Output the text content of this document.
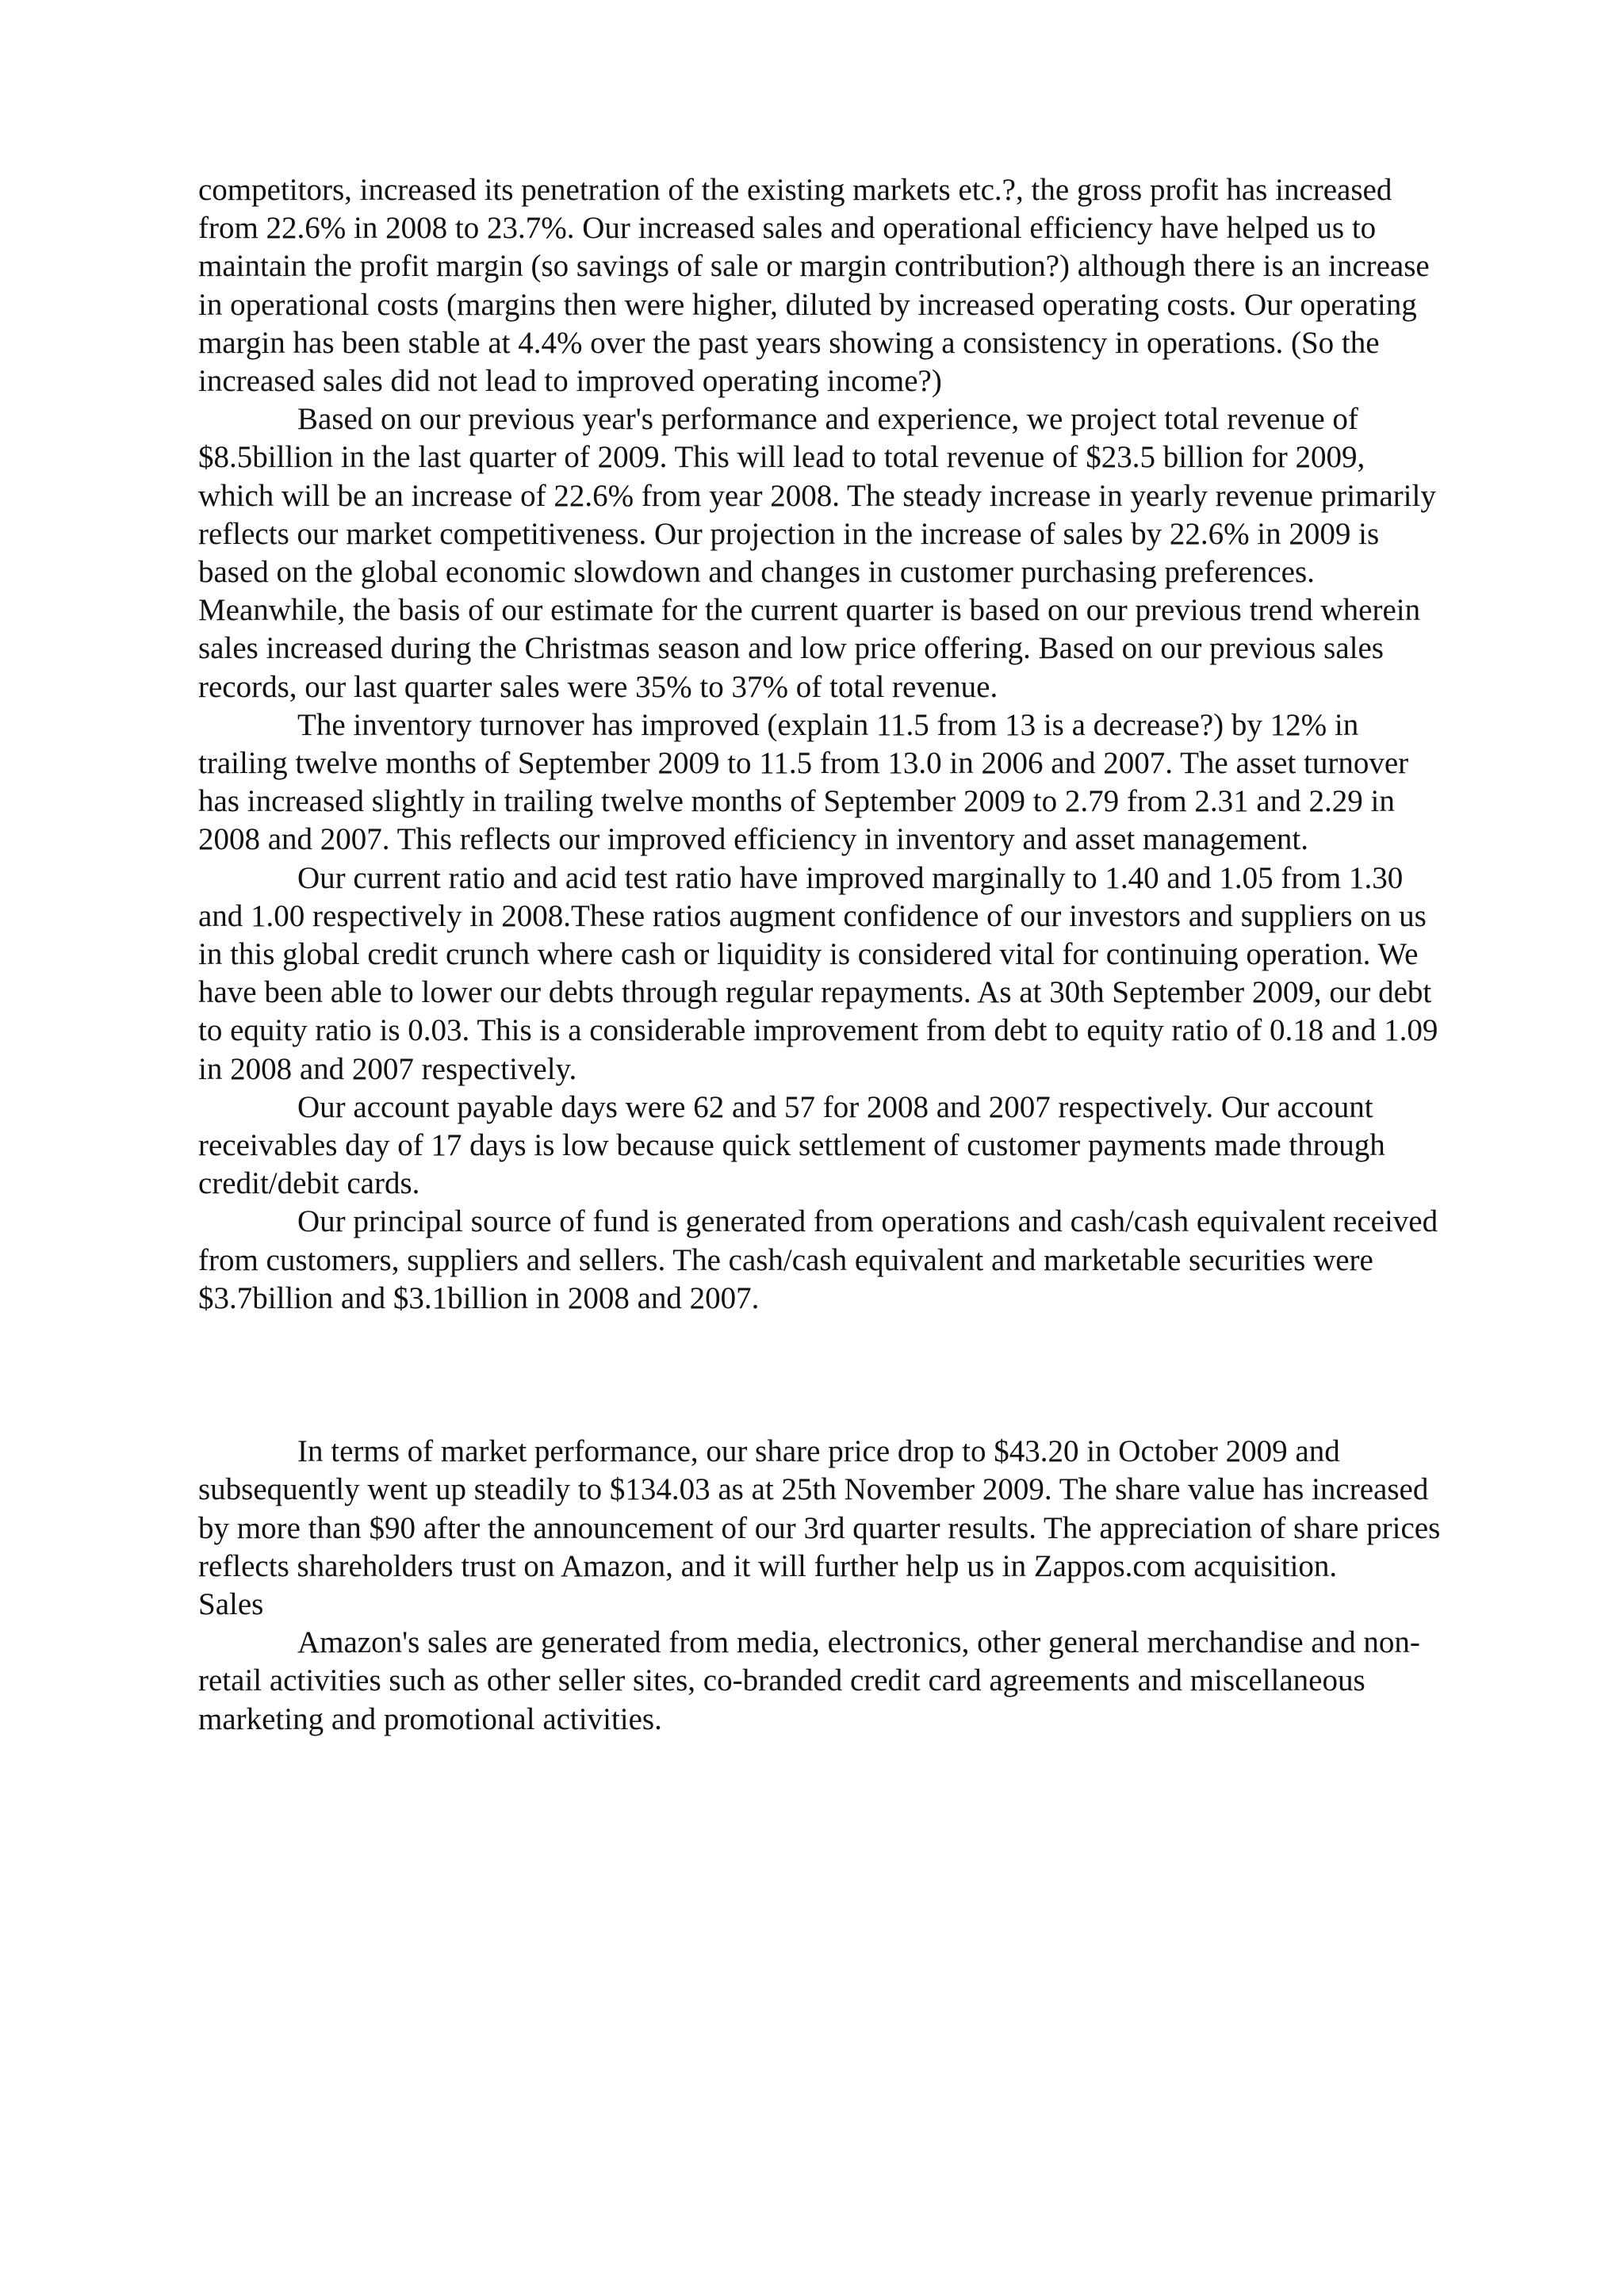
competitors, increased its penetration of the existing markets etc.?, the gross profit has increased from 22.6% in 2008 to 23.7%. Our increased sales and operational efficiency have helped us to maintain the profit margin (so savings of sale or margin contribution?) although there is an increase in operational costs (margins then were higher, diluted by increased operating costs. Our operating margin has been stable at 4.4% over the past years showing a consistency in operations. (So the increased sales did not lead to improved operating income?)

Based on our previous year's performance and experience, we project total revenue of $8.5billion in the last quarter of 2009. This will lead to total revenue of $23.5 billion for 2009, which will be an increase of 22.6% from year 2008. The steady increase in yearly revenue primarily reflects our market competitiveness. Our projection in the increase of sales by 22.6% in 2009 is based on the global economic slowdown and changes in customer purchasing preferences. Meanwhile, the basis of our estimate for the current quarter is based on our previous trend wherein sales increased during the Christmas season and low price offering. Based on our previous sales records, our last quarter sales were 35% to 37% of total revenue.

The inventory turnover has improved (explain 11.5 from 13 is a decrease?) by 12% in trailing twelve months of September 2009 to 11.5 from 13.0 in 2006 and 2007. The asset turnover has increased slightly in trailing twelve months of September 2009 to 2.79 from 2.31 and 2.29 in 2008 and 2007. This reflects our improved efficiency in inventory and asset management.

Our current ratio and acid test ratio have improved marginally to 1.40 and 1.05 from 1.30 and 1.00 respectively in 2008.These ratios augment confidence of our investors and suppliers on us in this global credit crunch where cash or liquidity is considered vital for continuing operation. We have been able to lower our debts through regular repayments. As at 30th September 2009, our debt to equity ratio is 0.03. This is a considerable improvement from debt to equity ratio of 0.18 and 1.09 in 2008 and 2007 respectively.

Our account payable days were 62 and 57 for 2008 and 2007 respectively. Our account receivables day of 17 days is low because quick settlement of customer payments made through credit/debit cards.

Our principal source of fund is generated from operations and cash/cash equivalent received from customers, suppliers and sellers. The cash/cash equivalent and marketable securities were $3.7billion and $3.1billion in 2008 and 2007.

In terms of market performance, our share price drop to $43.20 in October 2009 and subsequently went up steadily to $134.03 as at 25th November 2009. The share value has increased by more than $90 after the announcement of our 3rd quarter results. The appreciation of share prices reflects shareholders trust on Amazon, and it will further help us in Zappos.com acquisition.

Sales

Amazon's sales are generated from media, electronics, other general merchandise and non-retail activities such as other seller sites, co-branded credit card agreements and miscellaneous marketing and promotional activities.
